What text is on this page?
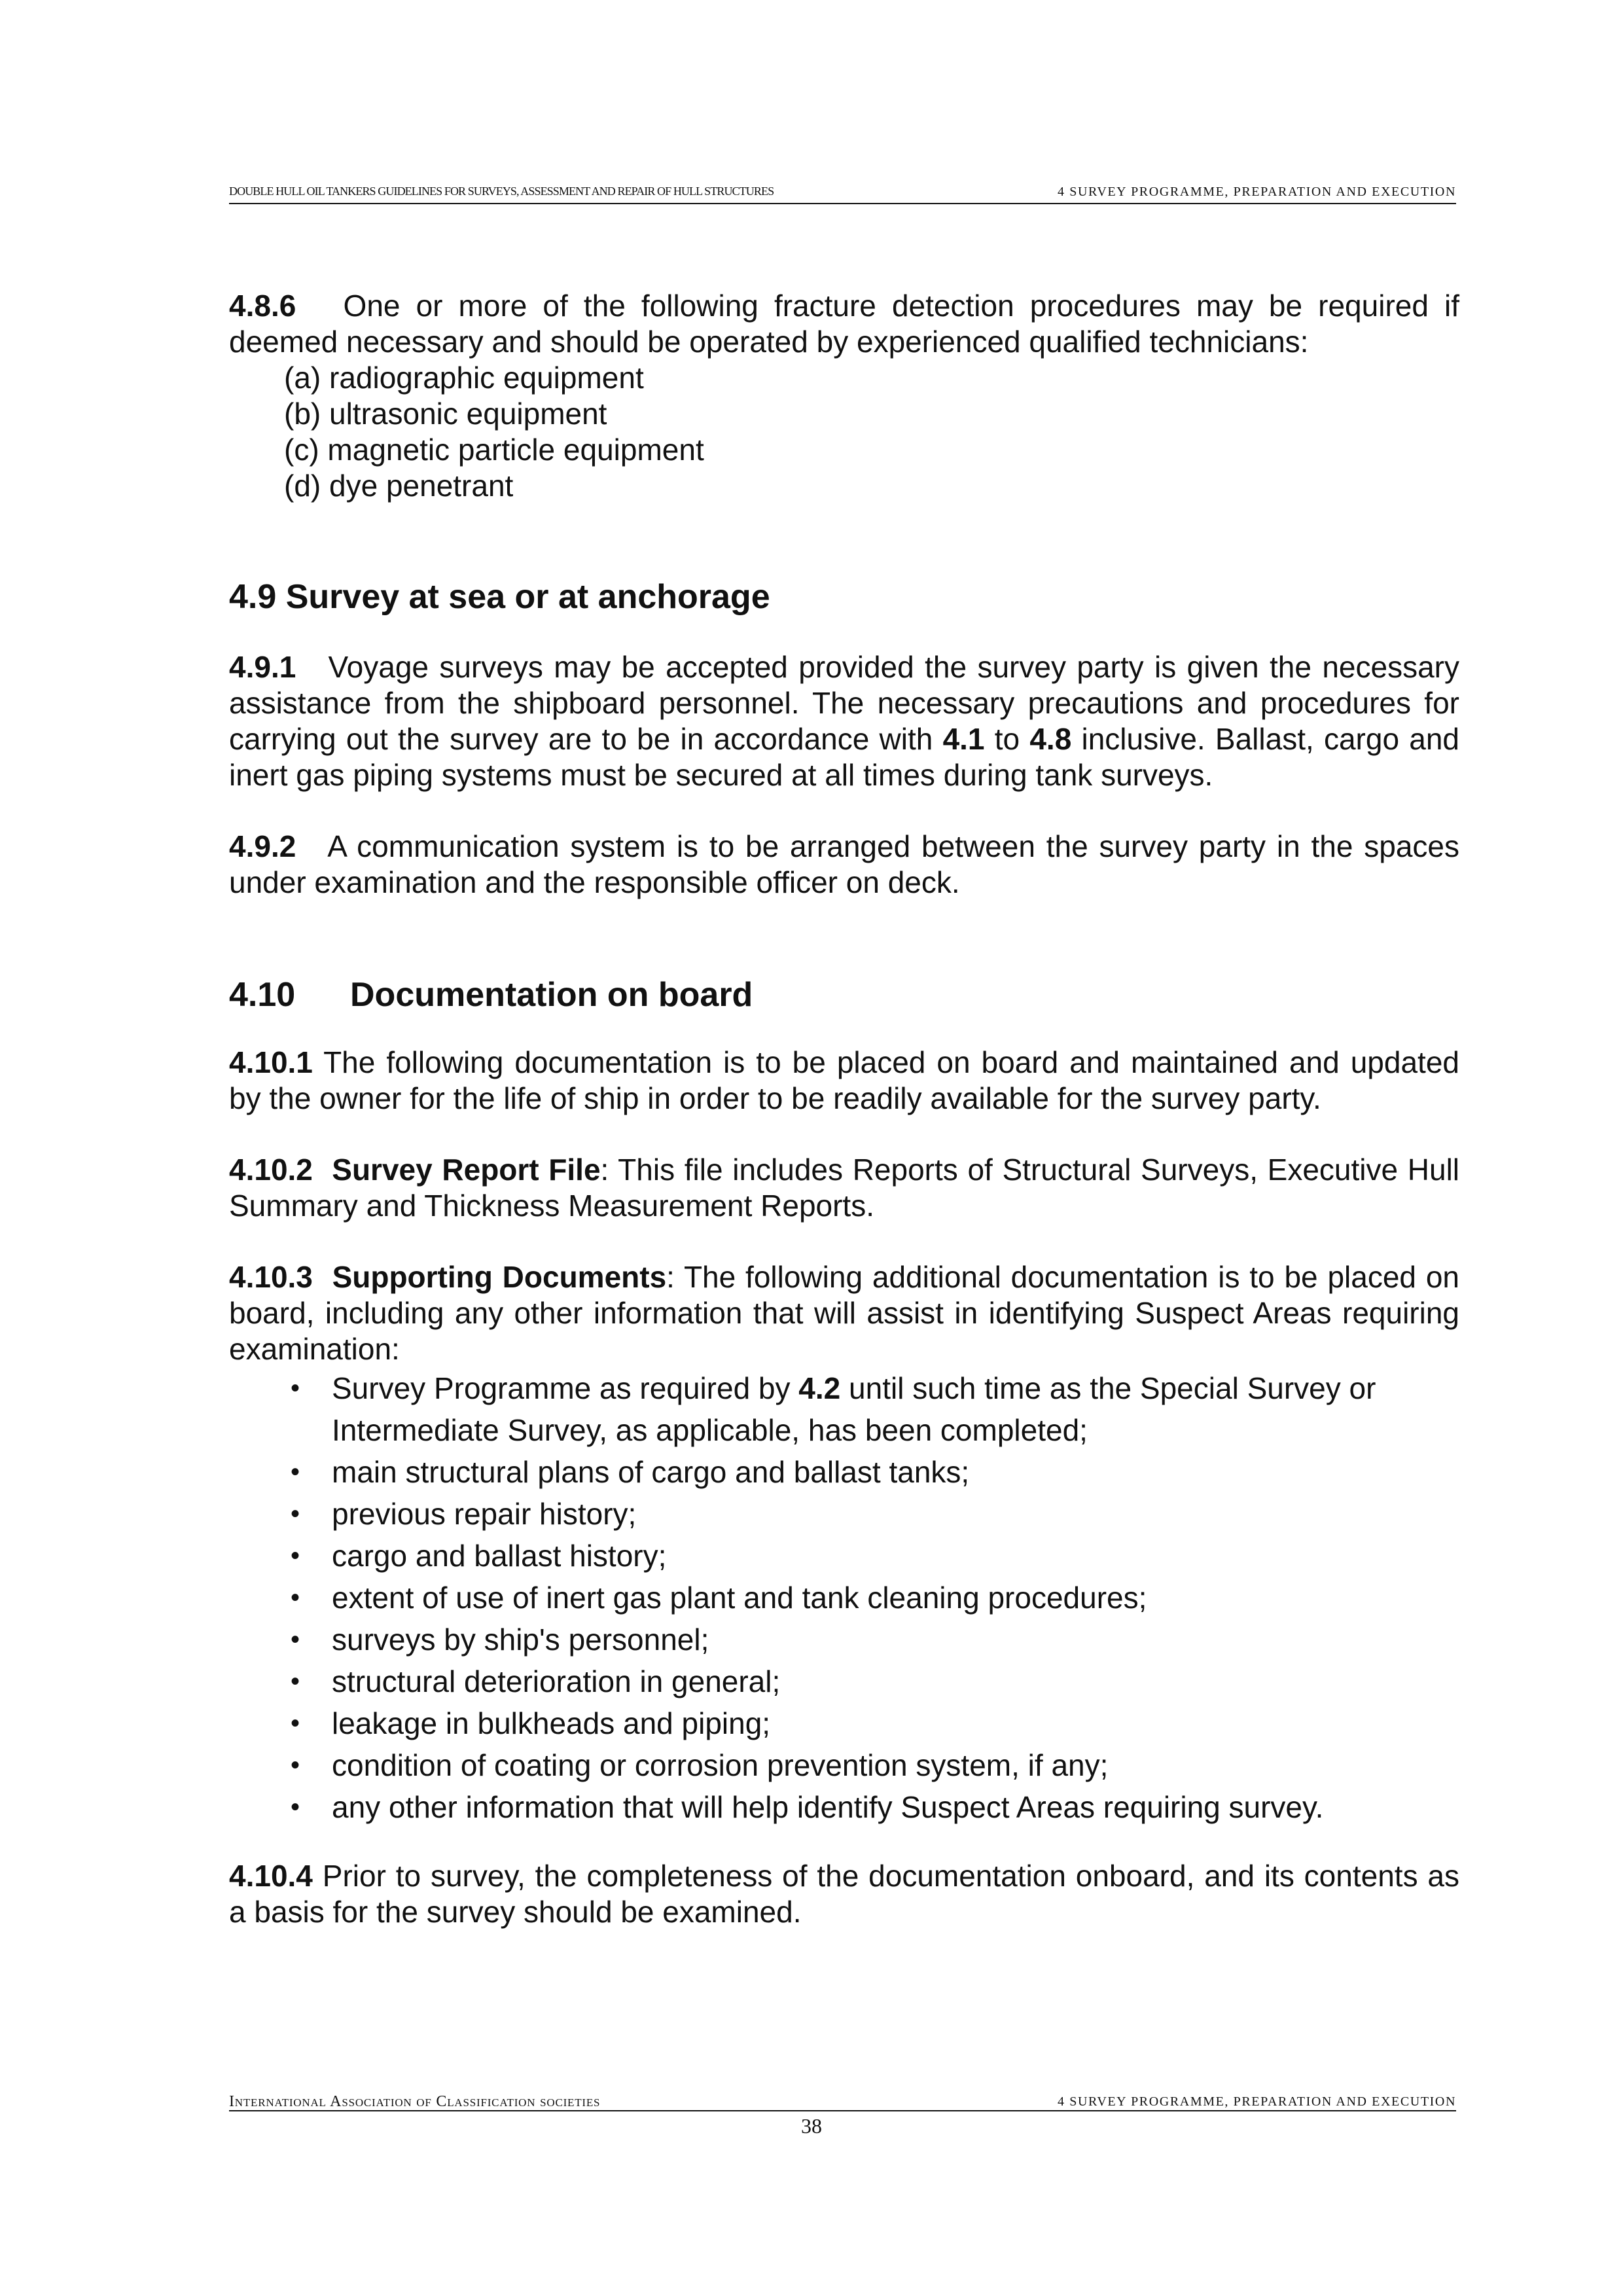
DOUBLE HULL OIL TANKERS GUIDELINES FOR SURVEYS, ASSESSMENT AND REPAIR OF HULL STRUCTURES	4 SURVEY PROGRAMME, PREPARATION AND EXECUTION

4.8.6 One or more of the following fracture detection procedures may be required if deemed necessary and should be operated by experienced qualified technicians:

(a) radiographic equipment
(b) ultrasonic equipment
(c) magnetic particle equipment
(d) dye penetrant
4.9 Survey at sea or at anchorage

4.9.1 Voyage surveys may be accepted provided the survey party is given the necessary assistance from the shipboard personnel. The necessary precautions and procedures for carrying out the survey are to be in accordance with 4.1 to 4.8 inclusive. Ballast, cargo and inert gas piping systems must be secured at all times during tank surveys.

4.9.2 A communication system is to be arranged between the survey party in the spaces under examination and the responsible officer on deck.

4.10 Documentation on board

4.10.1 The following documentation is to be placed on board and maintained and updated by the owner for the life of ship in order to be readily available for the survey party.

4.10.2 Survey Report File: This file includes Reports of Structural Surveys, Executive Hull Summary and Thickness Measurement Reports.

4.10.3 Supporting Documents: The following additional documentation is to be placed on board, including any other information that will assist in identifying Suspect Areas requiring examination:

• Survey Programme as required by 4.2 until such time as the Special Survey or Intermediate Survey, as applicable, has been completed;
• main structural plans of cargo and ballast tanks;
• previous repair history;
• cargo and ballast history;
• extent of use of inert gas plant and tank cleaning procedures;
• surveys by ship's personnel;
• structural deterioration in general;
• leakage in bulkheads and piping;
• condition of coating or corrosion prevention system, if any;
• any other information that will help identify Suspect Areas requiring survey.

4.10.4 Prior to survey, the completeness of the documentation onboard, and its contents as a basis for the survey should be examined.

International Association of Classification societies	4 SURVEY PROGRAMME, PREPARATION AND EXECUTION
38
